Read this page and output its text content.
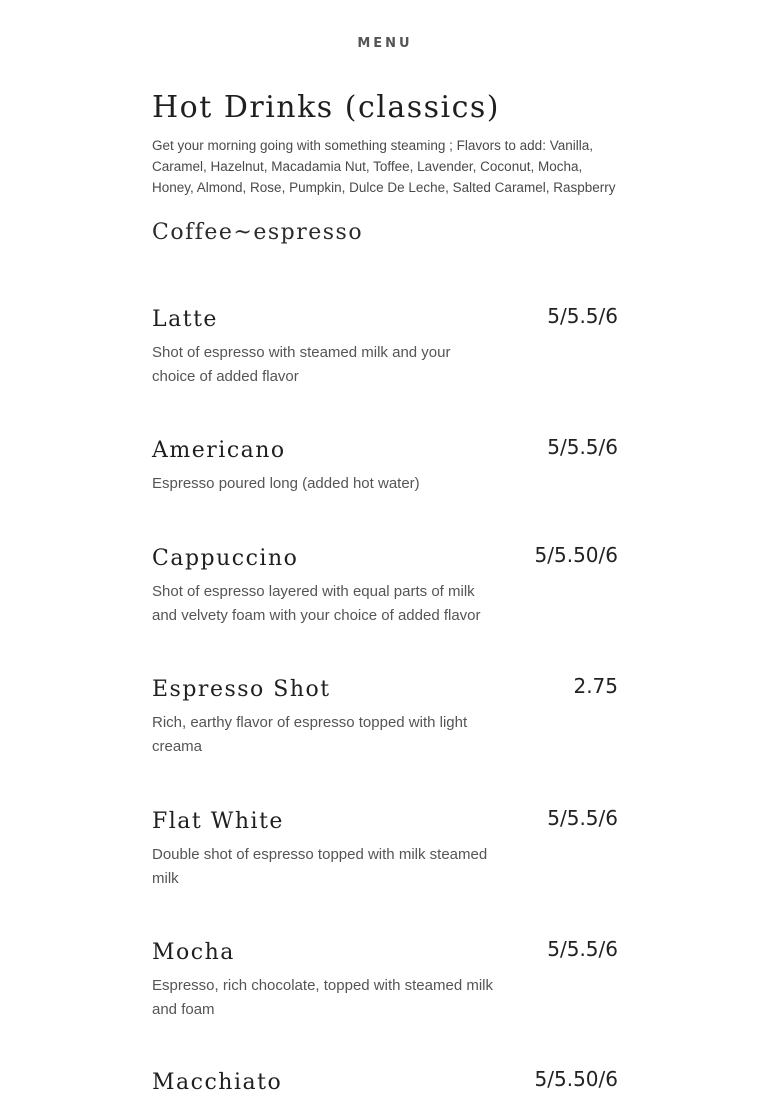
MENU
Hot Drinks (classics)

Get your morning going with something steaming ; Flavors to add: Vanilla, Caramel, Hazelnut, Macadamia Nut, Toffee, Lavender, Coconut, Mocha, Honey, Almond, Rose, Pumpkin, Dulce De Leche, Salted Caramel, Raspberry

Coffee~espresso
Latte	5/5.5/6

Shot of espresso with steamed milk and your choice of added flavor

Americano	5/5.5/6

Espresso poured long (added hot water)

Cappuccino	5/5.50/6

Shot of espresso layered with equal parts of milk and velvety foam with your choice of added flavor

Espresso Shot	2.75

Rich, earthy flavor of espresso topped with light creama

Flat White	5/5.5/6

Double shot of espresso topped with milk steamed milk

Mocha	5/5.5/6

Espresso, rich chocolate, topped with steamed milk and foam

Macchiato	5/5.50/6
